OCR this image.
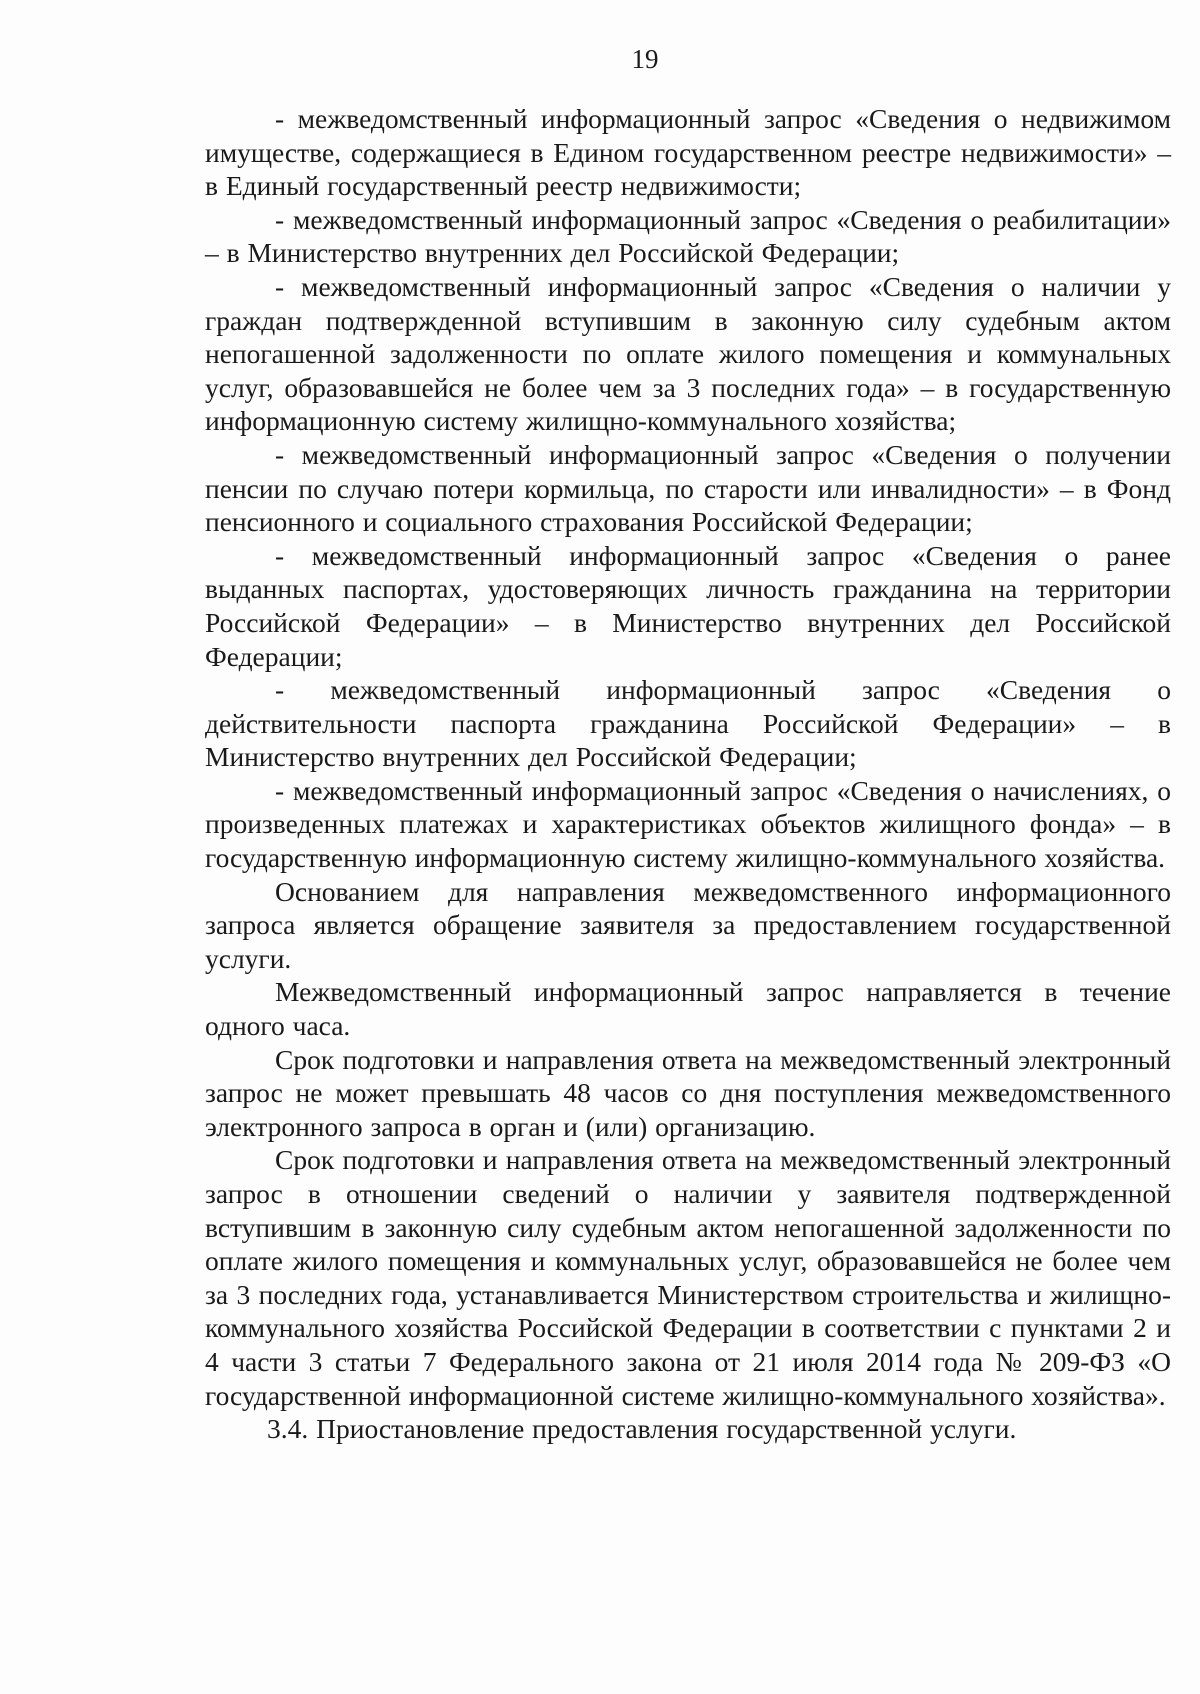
19

- межведомственный информационный запрос «Сведения о недвижимом имуществе, содержащиеся в Едином государственном реестре недвижимости» – в Единый государственный реестр недвижимости;

- межведомственный информационный запрос «Сведения о реабилитации» – в Министерство внутренних дел Российской Федерации;

- межведомственный информационный запрос «Сведения о наличии у граждан подтвержденной вступившим в законную силу судебным актом непогашенной задолженности по оплате жилого помещения и коммунальных услуг, образовавшейся не более чем за 3 последних года» – в государственную информационную систему жилищно-коммунального хозяйства;

- межведомственный информационный запрос «Сведения о получении пенсии по случаю потери кормильца, по старости или инвалидности» – в Фонд пенсионного и социального страхования Российской Федерации;

- межведомственный информационный запрос «Сведения о ранее выданных паспортах, удостоверяющих личность гражданина на территории Российской Федерации» – в Министерство внутренних дел Российской Федерации;

- межведомственный информационный запрос «Сведения о действительности паспорта гражданина Российской Федерации» – в Министерство внутренних дел Российской Федерации;

- межведомственный информационный запрос «Сведения о начислениях, о произведенных платежах и характеристиках объектов жилищного фонда» – в государственную информационную систему жилищно-коммунального хозяйства.

Основанием для направления межведомственного информационного запроса является обращение заявителя за предоставлением государственной услуги.

Межведомственный информационный запрос направляется в течение одного часа.

Срок подготовки и направления ответа на межведомственный электронный запрос не может превышать 48 часов со дня поступления межведомственного электронного запроса в орган и (или) организацию.

Срок подготовки и направления ответа на межведомственный электронный запрос в отношении сведений о наличии у заявителя подтвержденной вступившим в законную силу судебным актом непогашенной задолженности по оплате жилого помещения и коммунальных услуг, образовавшейся не более чем за 3 последних года, устанавливается Министерством строительства и жилищно-коммунального хозяйства Российской Федерации в соответствии с пунктами 2 и 4 части 3 статьи 7 Федерального закона от 21 июля 2014 года № 209-ФЗ «О государственной информационной системе жилищно-коммунального хозяйства».

3.4. Приостановление предоставления государственной услуги.
